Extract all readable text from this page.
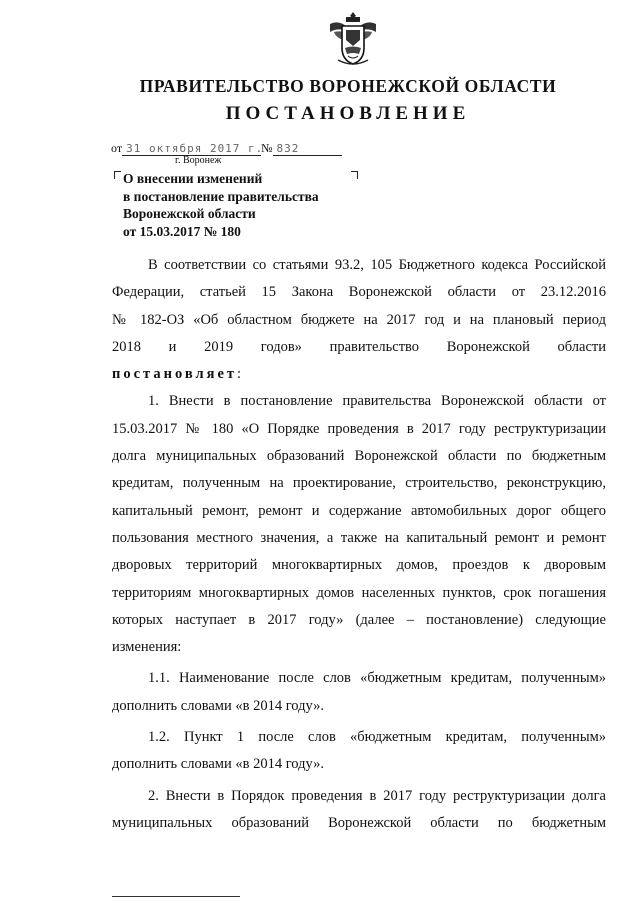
ПРАВИТЕЛЬСТВО ВОРОНЕЖСКОЙ ОБЛАСТИ
ПОСТАНОВЛЕНИЕ
от 31 октября 2017 г.
№ 832
г. Воронеж
О внесении изменений
в постановление правительства
Воронежской области
от 15.03.2017 № 180
В соответствии со статьями 93.2, 105 Бюджетного кодекса Российской
Федерации, статьей 15 Закона Воронежской области от 23.12.2016
№ 182-ОЗ «Об областном бюджете на 2017 год и на плановый период
2018 и 2019 годов» правительство Воронежской области
постановляет:
1. Внести в постановление правительства Воронежской области от
15.03.2017 № 180 «О Порядке проведения в 2017 году реструктуризации
долга муниципальных образований Воронежской области по бюджетным
кредитам, полученным на проектирование, строительство, реконструкцию,
капитальный ремонт, ремонт и содержание автомобильных дорог общего
пользования местного значения, а также на капитальный ремонт и ремонт
дворовых территорий многоквартирных домов, проездов к дворовым
территориям многоквартирных домов населенных пунктов, срок погашения
которых наступает в 2017 году» (далее – постановление) следующие
изменения:
1.1. Наименование после слов «бюджетным кредитам, полученным»
дополнить словами «в 2014 году».
1.2. Пункт 1 после слов «бюджетным кредитам, полученным»
дополнить словами «в 2014 году».
2. Внести в Порядок проведения в 2017 году реструктуризации долга
муниципальных образований Воронежской области по бюджетным
